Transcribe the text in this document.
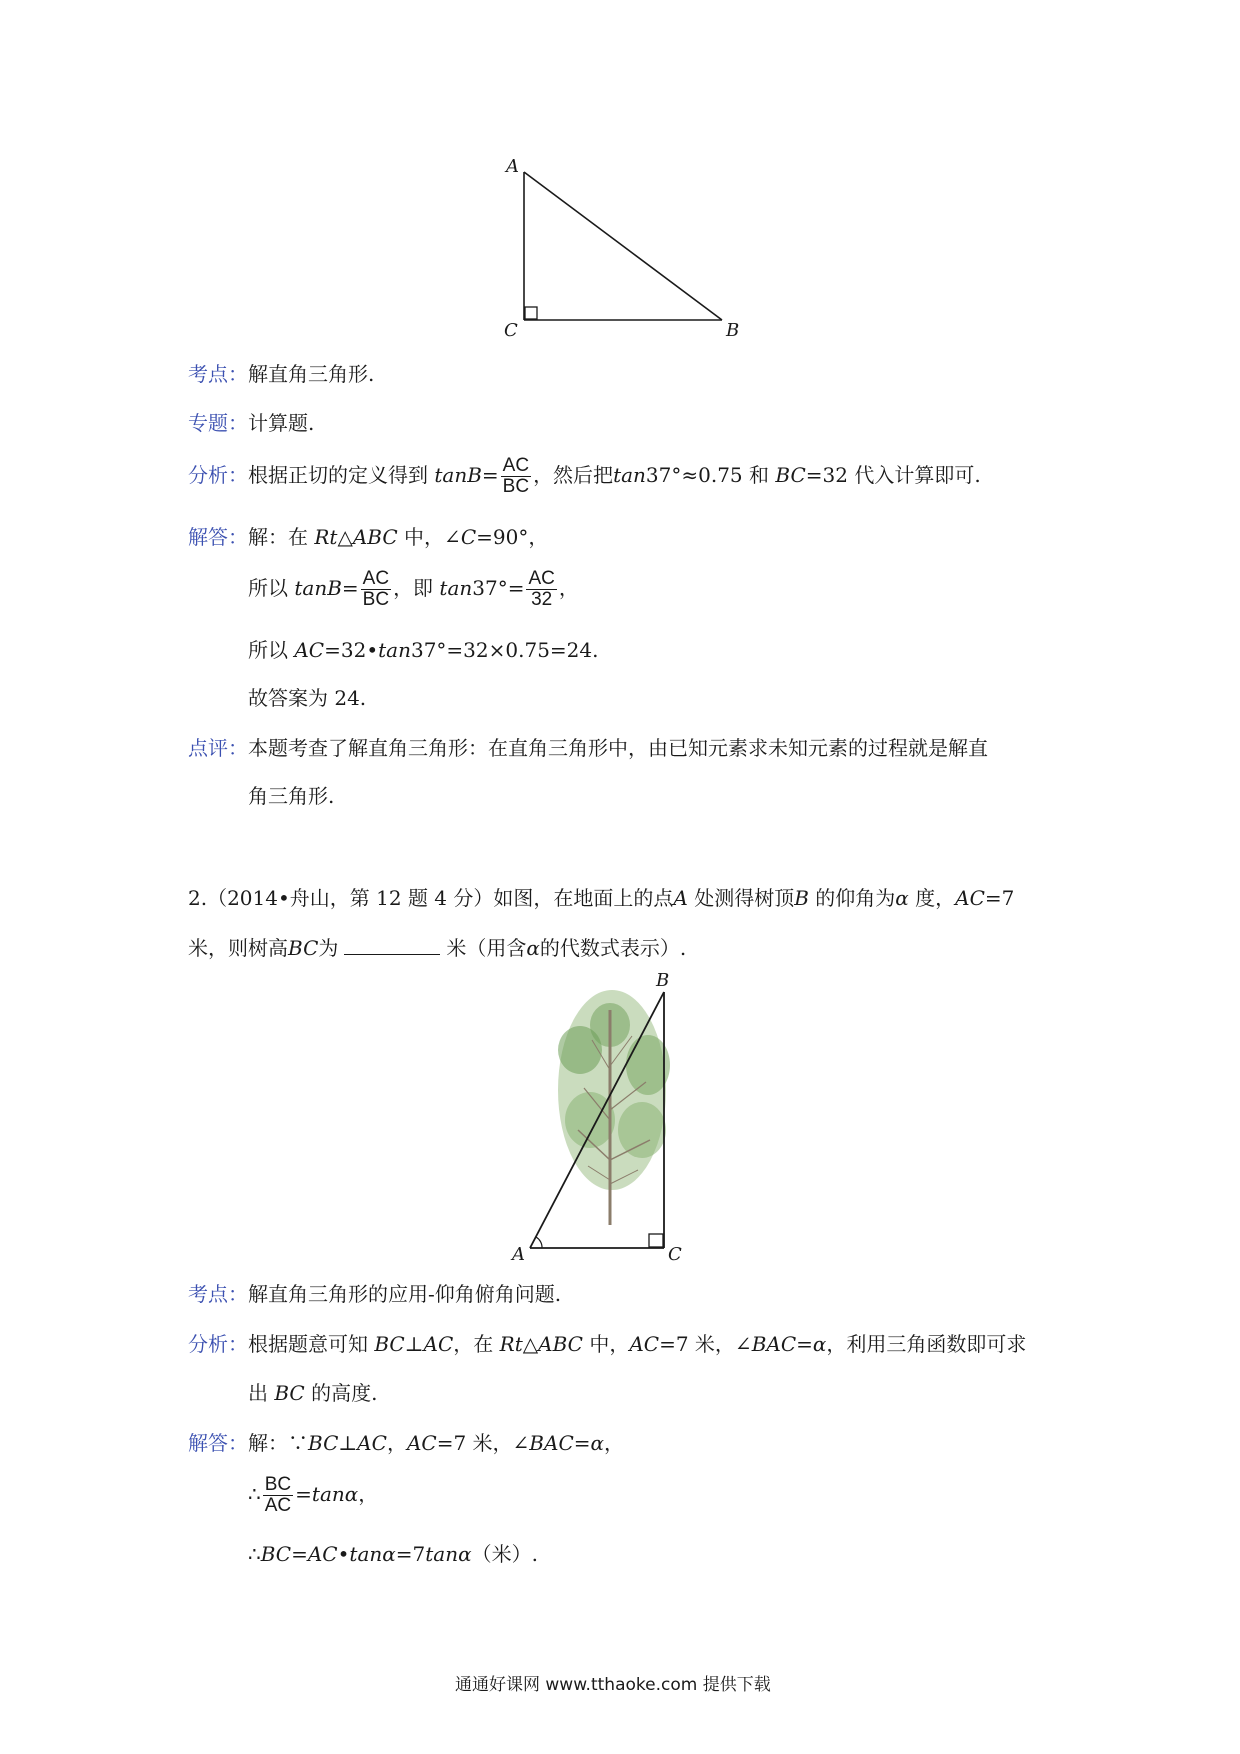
A
C	B
考点：解直角三角形.
专题：计算题.
分析：根据正切的定义得到 $\tan B= \frac{AC}{BC}$ ，然后把tan37°≈0.75 和 BC=32 代入计算即可.
解答：解：在 Rt△ABC 中，∠C=90°，
所以 $\tan B= \frac{AC}{BC}$ ，即 $\tan 37^\circ= \frac{AC}{32}$ ，
所以 AC=32•tan37°=32×0.75=24.
故答案为 24.
点评：本题考查了解直角三角形：在直角三角形中，由已知元素求未知元素的过程就是解直
角三角形.
2.（2014•舟山，第 12 题 4 分）如图，在地面上的点A 处测得树顶B 的仰角为α 度，AC=7
米，则树高BC为	米（用含α的代数式表示）.
B
A	C
考点：解直角三角形的应用-仰角俯角问题.
分析：根据题意可知 BC⊥AC，在 Rt△ABC 中，AC=7 米，∠BAC=α，利用三角函数即可求
出 BC 的高度.
解答：解：∵BC⊥AC，AC=7 米，∠BAC=α，
∴ $\frac{BC}{AC} =\tan\alpha$，
∴BC=AC•tanα=7tanα（米）.
通通好课网 www.tthaoke.com 提供下载
